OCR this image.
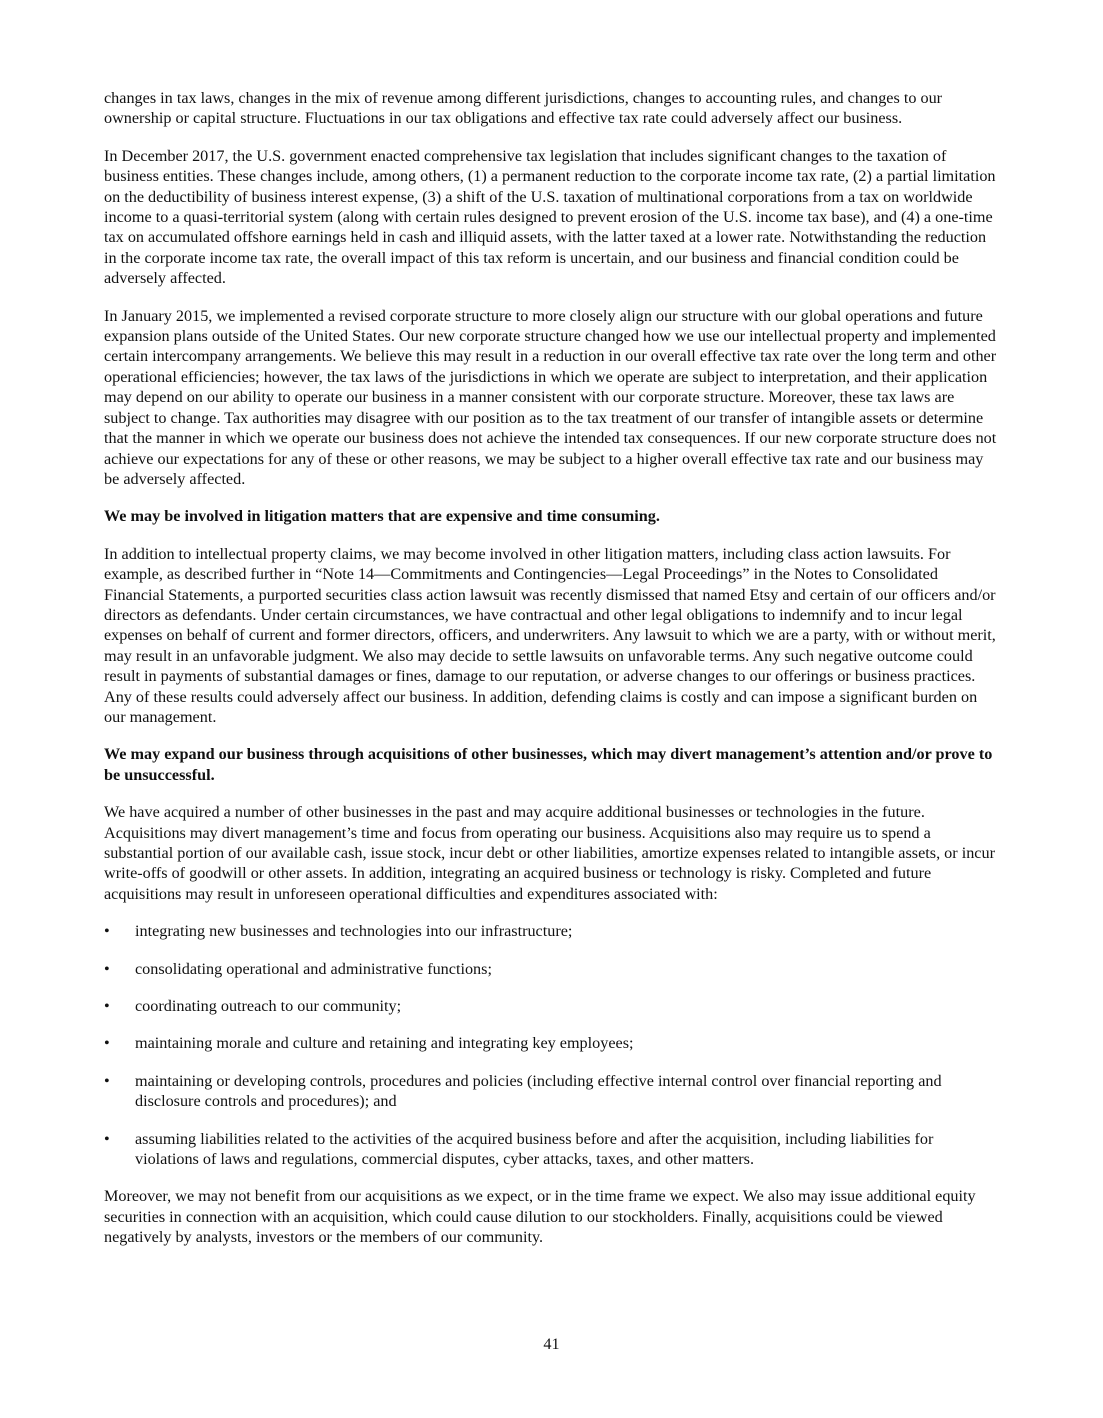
changes in tax laws, changes in the mix of revenue among different jurisdictions, changes to accounting rules, and changes to our ownership or capital structure. Fluctuations in our tax obligations and effective tax rate could adversely affect our business.

In December 2017, the U.S. government enacted comprehensive tax legislation that includes significant changes to the taxation of business entities. These changes include, among others, (1) a permanent reduction to the corporate income tax rate, (2) a partial limitation on the deductibility of business interest expense, (3) a shift of the U.S. taxation of multinational corporations from a tax on worldwide income to a quasi-territorial system (along with certain rules designed to prevent erosion of the U.S. income tax base), and (4) a one-time tax on accumulated offshore earnings held in cash and illiquid assets, with the latter taxed at a lower rate. Notwithstanding the reduction in the corporate income tax rate, the overall impact of this tax reform is uncertain, and our business and financial condition could be adversely affected.

In January 2015, we implemented a revised corporate structure to more closely align our structure with our global operations and future expansion plans outside of the United States. Our new corporate structure changed how we use our intellectual property and implemented certain intercompany arrangements. We believe this may result in a reduction in our overall effective tax rate over the long term and other operational efficiencies; however, the tax laws of the jurisdictions in which we operate are subject to interpretation, and their application may depend on our ability to operate our business in a manner consistent with our corporate structure. Moreover, these tax laws are subject to change. Tax authorities may disagree with our position as to the tax treatment of our transfer of intangible assets or determine that the manner in which we operate our business does not achieve the intended tax consequences. If our new corporate structure does not achieve our expectations for any of these or other reasons, we may be subject to a higher overall effective tax rate and our business may be adversely affected.

We may be involved in litigation matters that are expensive and time consuming.

In addition to intellectual property claims, we may become involved in other litigation matters, including class action lawsuits. For example, as described further in “Note 14—Commitments and Contingencies—Legal Proceedings” in the Notes to Consolidated Financial Statements, a purported securities class action lawsuit was recently dismissed that named Etsy and certain of our officers and/or directors as defendants. Under certain circumstances, we have contractual and other legal obligations to indemnify and to incur legal expenses on behalf of current and former directors, officers, and underwriters. Any lawsuit to which we are a party, with or without merit, may result in an unfavorable judgment. We also may decide to settle lawsuits on unfavorable terms. Any such negative outcome could result in payments of substantial damages or fines, damage to our reputation, or adverse changes to our offerings or business practices. Any of these results could adversely affect our business. In addition, defending claims is costly and can impose a significant burden on our management.

We may expand our business through acquisitions of other businesses, which may divert management’s attention and/or prove to be unsuccessful.

We have acquired a number of other businesses in the past and may acquire additional businesses or technologies in the future. Acquisitions may divert management’s time and focus from operating our business. Acquisitions also may require us to spend a substantial portion of our available cash, issue stock, incur debt or other liabilities, amortize expenses related to intangible assets, or incur write-offs of goodwill or other assets. In addition, integrating an acquired business or technology is risky. Completed and future acquisitions may result in unforeseen operational difficulties and expenditures associated with:

• integrating new businesses and technologies into our infrastructure;
• consolidating operational and administrative functions;
• coordinating outreach to our community;
• maintaining morale and culture and retaining and integrating key employees;
• maintaining or developing controls, procedures and policies (including effective internal control over financial reporting and disclosure controls and procedures); and
• assuming liabilities related to the activities of the acquired business before and after the acquisition, including liabilities for violations of laws and regulations, commercial disputes, cyber attacks, taxes, and other matters.

Moreover, we may not benefit from our acquisitions as we expect, or in the time frame we expect. We also may issue additional equity securities in connection with an acquisition, which could cause dilution to our stockholders. Finally, acquisitions could be viewed negatively by analysts, investors or the members of our community.

41
